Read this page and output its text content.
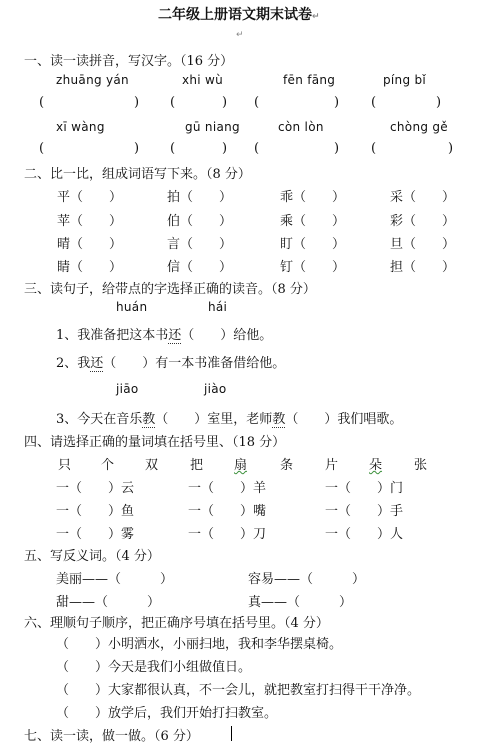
二年级上册语文期末试卷↵
↵
一、读一读拼音，写汉字。（16 分）
zhuāng yán	xhi wù	fēn fāng	píng bǐ
(	) (	) (	) (	)
xī wàng	gū niang	còn lòn	chòng gě
(	) (	) (	) (	)
二、比一比，组成词语写下来。（8 分）
平（　　）	拍（　　）	乖（　　）	采（　　）
苹（　　）	伯（　　）	乘（　　）	彩（　　）
晴（　　）	言（　　）	盯（　　）	旦（　　）
睛（　　）	信（　　）	钉（　　）	担（　　）
三、读句子，给带点的字选择正确的读音。（8 分）
huán	hái
1、我准备把这本书还（　　）给他。
2、我还（　　）有一本书准备借给他。
jiāo	jiào
3、今天在音乐教（　　）室里，老师教（　　）我们唱歌。
四、请选择正确的量词填在括号里、（18 分）
只 个 双 把 扇	条 片 朵 张
一（　　）云	一（　　）羊	一（　　）门
一（　　）鱼	一（　　）嘴	一（　　）手
一（　　）雾	一（　　）刀	一（　　）人
五、写反义词。（4 分）
美丽——（　　　）	容易——（　　　）
甜——（　　　）	真——（　　　）
六、理顺句子顺序，把正确序号填在括号里。（4 分）
（　　）小明洒水，小丽扫地，我和李华摆桌椅。
（　　）今天是我们小组做值日。
（　　）大家都很认真，不一会儿，就把教室打扫得干干净净。
（　　）放学后，我们开始打扫教室。
七、读一读，做一做。（6 分）
